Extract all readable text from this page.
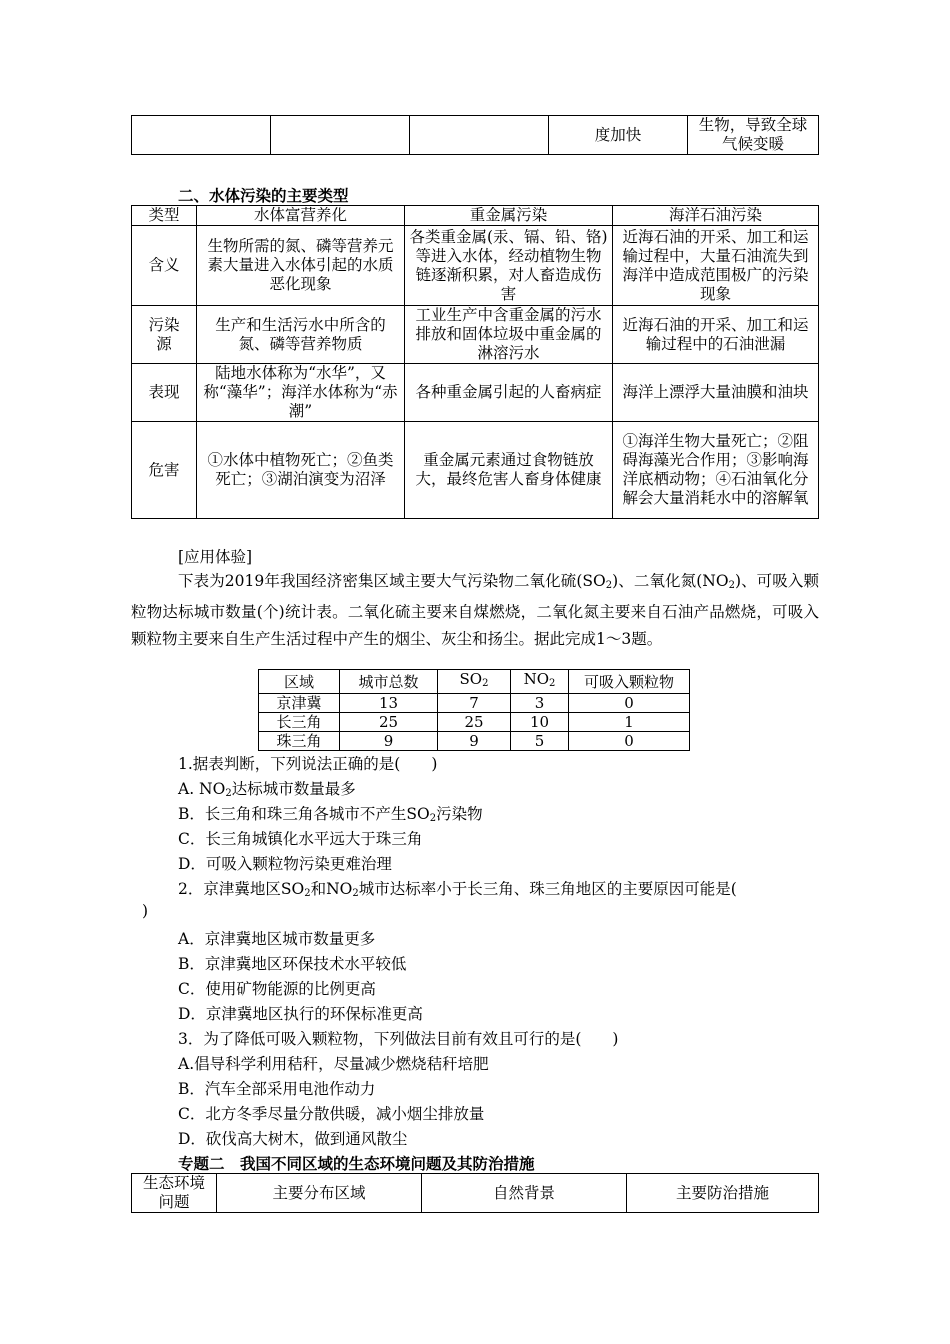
			度加快	生物，导致全球气候变暖
二、水体污染的主要类型
类型	水体富营养化	重金属污染	海洋石油污染
含义	生物所需的氮、磷等营养元素大量进入水体引起的水质恶化现象	各类重金属(汞、镉、铅、铬)等进入水体，经动植物生物链逐渐积累，对人畜造成伤害	近海石油的开采、加工和运输过程中，大量石油流失到海洋中造成范围极广的污染现象
污染源	生产和生活污水中所含的氮、磷等营养物质	工业生产中含重金属的污水排放和固体垃圾中重金属的淋溶污水	近海石油的开采、加工和运输过程中的石油泄漏
表现	陆地水体称为“水华”，又称“藻华”；海洋水体称为“赤潮”	各种重金属引起的人畜病症	海洋上漂浮大量油膜和油块
危害	①水体中植物死亡；②鱼类死亡；③湖泊演变为沼泽	重金属元素通过食物链放大，最终危害人畜身体健康	①海洋生物大量死亡；②阻碍海藻光合作用；③影响海洋底栖动物；④石油氧化分解会大量消耗水中的溶解氧
[应用体验]
下表为2019年我国经济密集区域主要大气污染物二氧化硫$(SO_2)$、二氧化氮$(NO_2)$、可吸入颗粒物达标城市数量(个)统计表。二氧化硫主要来自煤燃烧，二氧化氮主要来自石油产品燃烧，可吸入颗粒物主要来自生产生活过程中产生的烟尘、灰尘和扬尘。据此完成1～3题。
区域	城市总数	$SO_2$	$NO_2$	可吸入颗粒物
京津冀	13	7	3	0
长三角	25	25	10	1
珠三角	9	9	5	0
1.据表判断，下列说法正确的是(　　)
A. $NO_2$达标城市数量最多
B．长三角和珠三角各城市不产生$SO_2$污染物
C．长三角城镇化水平远大于珠三角
D．可吸入颗粒物污染更难治理
2．京津冀地区$SO_2$和$NO_2$城市达标率小于长三角、珠三角地区的主要原因可能是(
)
A．京津冀地区城市数量更多
B．京津冀地区环保技术水平较低
C．使用矿物能源的比例更高
D．京津冀地区执行的环保标准更高
3．为了降低可吸入颗粒物，下列做法目前有效且可行的是(　　)
A.倡导科学利用秸秆，尽量减少燃烧秸秆培肥
B．汽车全部采用电池作动力
C．北方冬季尽量分散供暖，减小烟尘排放量
D．砍伐高大树木，做到通风散尘
专题二　我国不同区域的生态环境问题及其防治措施
生态环境问题	主要分布区域	自然背景	主要防治措施
